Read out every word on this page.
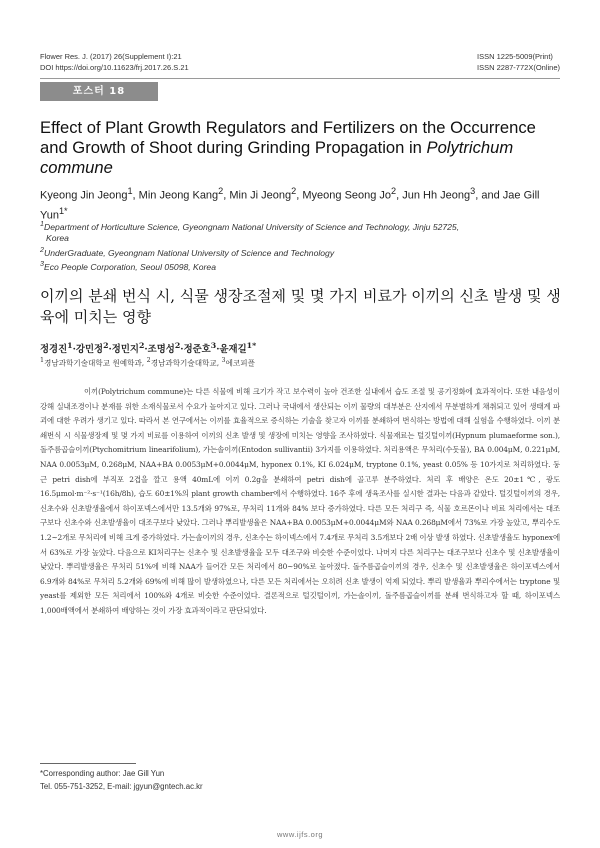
Flower Res. J. (2017) 26(Supplement I):21
DOI https://doi.org/10.11623/frj.2017.26.S.21
ISSN 1225-5009(Print)
ISSN 2287-772X(Online)
포스터 18
Effect of Plant Growth Regulators and Fertilizers on the Occurrence and Growth of Shoot during Grinding Propagation in Polytrichum commune
Kyeong Jin Jeong$^1$, Min Jeong Kang$^2$, Min Ji Jeong$^2$, Myeong Seong Jo$^2$, Jun Hh Jeong$^3$, and Jae Gill Yun$^{1*}$
$^1$Department of Horticulture Science, Gyeongnam National University of Science and Technology, Jinju 52725,
Korea
$^2$UnderGraduate, Gyeongnam National University of Science and Technology
$^3$Eco People Corporation, Seoul 05098, Korea
이끼의 분쇄 번식 시, 식물 생장조절제 및 몇 가지 비료가 이끼의 신초 발생 및 생육에 미치는 영향
정경진$^1$·강민정$^2$·정민지$^2$·조명성$^2$·정준호$^3$·윤재길$^{1*}$
$^1$경남과학기술대학교 원예학과, $^2$경남과학기술대학교, $^3$에코피플
이끼(Polytrichum commune)는 다른 식물에 비해 크기가 작고 보수력이 높아 건조한 실내에서 습도 조절 및 공기정화에 효과적이다. 또한 내음성이 강해 실내조경이나 분재를 위한 소재식물로서 수요가 높아지고 있다. 그러나 국내에서 생산되는 이끼 물량의 대부분은 산지에서 무분별하게 채취되고 있어 생태계 파괴에 대한 우려가 생기고 있다. 따라서 본 연구에서는 이끼를 효율적으로 증식하는 기술을 찾고자 이끼를 분쇄하여 번식하는 방법에 대해 실험을 수행하였다. 이끼 분쇄번식 시 식물생장제 및 몇 가지 비료를 이용하여 이끼의 신초 발생 및 생장에 미치는 영향을 조사하였다. 식물재료는 털깃털이끼(Hypnum plumaeforme son.), 돌주름곱슬이끼(Ptychomitrium linearifolium), 가는솔이끼(Entodon sullivantii) 3가지를 이용하였다. 처리용액은 무처리(수돗물), BA 0.004μM, 0.221μM, NAA 0.0053μM, 0.268μM, NAA+BA 0.0053μM+0.0044μM, hyponex 0.1%, KI 6.024μM, tryptone 0.1%, yeast 0.05% 등 10가지로 처리하였다. 둥근 petri dish에 부직포 2겹을 깔고 용액 40mL에 이끼 0.2g을 분쇄하여 petri dish에 골고루 분주하였다. 처리 후 배양은 온도 20±1℃, 광도 16.5μmol·m⁻²·s⁻¹(16h/8h), 습도 60±1%의 plant growth chamber에서 수행하였다. 16주 후에 생육조사를 실시한 결과는 다음과 같았다. 털깃털이끼의 경우, 신초수와 신초발생율에서 하이포넥스에서만 13.5개와 97%로, 무처리 11개와 84% 보다 증가하였다. 다른 모든 처리구 즉, 식물 호르몬이나 비료 처리에서는 대조구보다 신초수와 신초발생율이 대조구보다 낮았다. 그러나 뿌리발생율은 NAA+BA 0.0053μM+0.0044μM와 NAA 0.268μM에서 73%로 가장 높았고, 뿌리수도 1.2~2개로 무처리에 비해 크게 증가하였다. 가는솔이끼의 경우, 신초수는 하이넥스에서 7.4개로 무처리 3.5개보다 2배 이상 발생 하였다. 신초발생율도 hyponex에서 63%로 가장 높았다. 다음으로 KI처리구는 신초수 및 신초발생율을 모두 대조구와 비슷한 수준이었다. 나머지 다른 처리구는 대조구보다 신초수 및 신초발생율이 낮았다. 뿌리발생율은 무처리 51%에 비해 NAA가 들어간 모든 처리에서 80~90%로 높아졌다. 돌주름곱슬이끼의 경우, 신초수 및 신초발생율은 하이포넥스에서 6.9개와 84%로 무처리 5.2개와 69%에 비해 많이 발생하였으나, 다른 모든 처리에서는 오히려 신초 발생이 억제 되었다. 뿌리 발생율과 뿌리수에서는 tryptone 및 yeast를 제외한 모든 처리에서 100%와 4개로 비슷한 수준이었다. 결론적으로 털깃털이끼, 가는솔이끼, 돌주름곱슬이끼를 분쇄 번식하고자 할 때, 하이포넥스 1,000배액에서 분쇄하여 배양하는 것이 가장 효과적이라고 판단되었다.
*Corresponding author: Jae Gill Yun
Tel. 055-751-3252, E-mail: jgyun@gntech.ac.kr
www.ijfs.org
